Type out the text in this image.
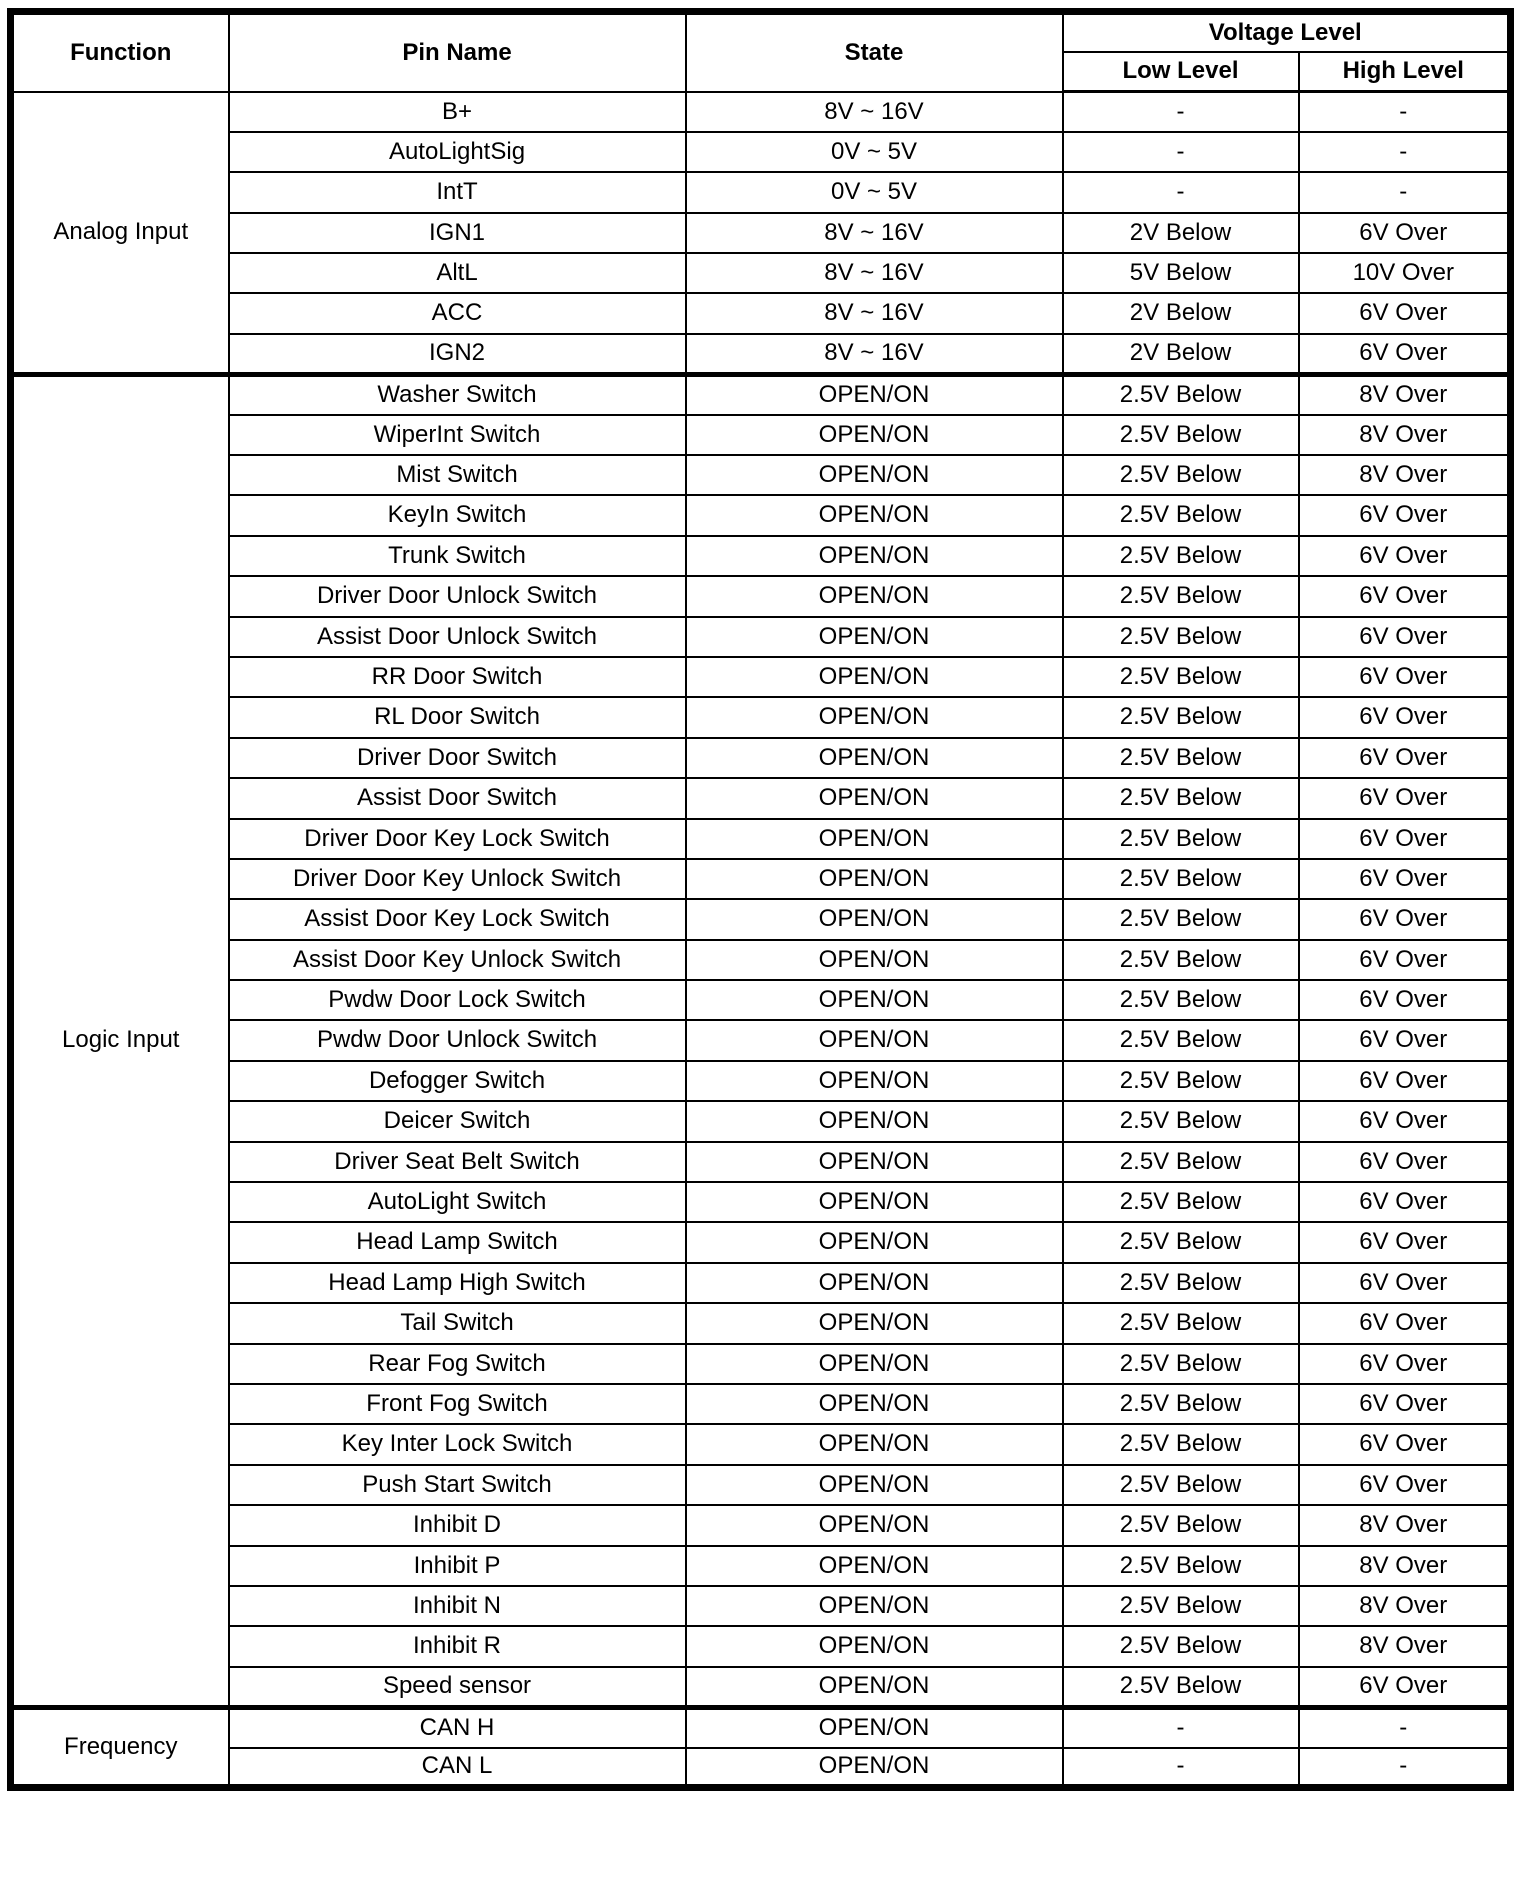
Function	Pin Name	State	Voltage Level	
			Low Level	High Level
Analog Input	B+	8V ~ 16V	-	-
	AutoLightSig	0V ~ 5V	-	-
	IntT	0V ~ 5V	-	-
	IGN1	8V ~ 16V	2V Below	6V Over
	AltL	8V ~ 16V	5V Below	10V Over
	ACC	8V ~ 16V	2V Below	6V Over
	IGN2	8V ~ 16V	2V Below	6V Over
Logic Input	Washer Switch	OPEN/ON	2.5V Below	8V Over
	WiperInt Switch	OPEN/ON	2.5V Below	8V Over
	Mist Switch	OPEN/ON	2.5V Below	8V Over
	KeyIn Switch	OPEN/ON	2.5V Below	6V Over
	Trunk Switch	OPEN/ON	2.5V Below	6V Over
	Driver Door Unlock Switch	OPEN/ON	2.5V Below	6V Over
	Assist Door Unlock Switch	OPEN/ON	2.5V Below	6V Over
	RR Door Switch	OPEN/ON	2.5V Below	6V Over
	RL Door Switch	OPEN/ON	2.5V Below	6V Over
	Driver Door Switch	OPEN/ON	2.5V Below	6V Over
	Assist Door Switch	OPEN/ON	2.5V Below	6V Over
	Driver Door Key Lock Switch	OPEN/ON	2.5V Below	6V Over
	Driver Door Key Unlock Switch	OPEN/ON	2.5V Below	6V Over
	Assist Door Key Lock Switch	OPEN/ON	2.5V Below	6V Over
	Assist Door Key Unlock Switch	OPEN/ON	2.5V Below	6V Over
	Pwdw Door Lock Switch	OPEN/ON	2.5V Below	6V Over
	Pwdw Door Unlock Switch	OPEN/ON	2.5V Below	6V Over
	Defogger Switch	OPEN/ON	2.5V Below	6V Over
	Deicer Switch	OPEN/ON	2.5V Below	6V Over
	Driver Seat Belt Switch	OPEN/ON	2.5V Below	6V Over
	AutoLight Switch	OPEN/ON	2.5V Below	6V Over
	Head Lamp Switch	OPEN/ON	2.5V Below	6V Over
	Head Lamp High Switch	OPEN/ON	2.5V Below	6V Over
	Tail Switch	OPEN/ON	2.5V Below	6V Over
	Rear Fog Switch	OPEN/ON	2.5V Below	6V Over
	Front Fog Switch	OPEN/ON	2.5V Below	6V Over
	Key Inter Lock Switch	OPEN/ON	2.5V Below	6V Over
	Push Start Switch	OPEN/ON	2.5V Below	6V Over
	Inhibit D	OPEN/ON	2.5V Below	8V Over
	Inhibit P	OPEN/ON	2.5V Below	8V Over
	Inhibit N	OPEN/ON	2.5V Below	8V Over
	Inhibit R	OPEN/ON	2.5V Below	8V Over
	Speed sensor	OPEN/ON	2.5V Below	6V Over
Frequency	CAN H	OPEN/ON	-	-
	CAN L	OPEN/ON	-	-
